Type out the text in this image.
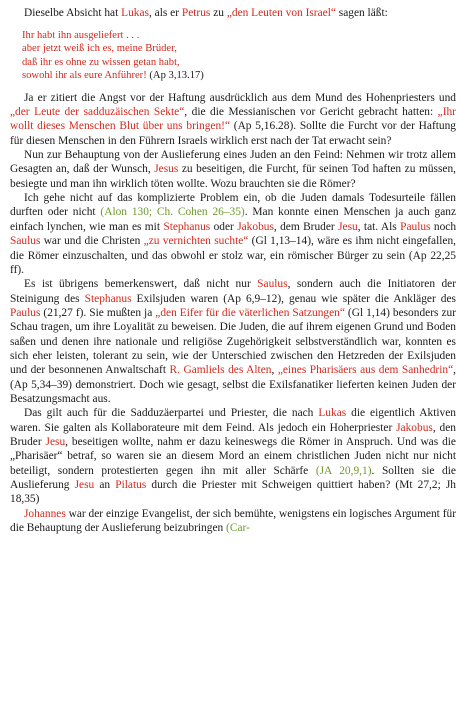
Dieselbe Absicht hat Lukas, als er Petrus zu „den Leuten von Israel“ sagen läßt:

Ihr habt ihn ausgeliefert . . .
aber jetzt weiß ich es, meine Brüder,
daß ihr es ohne zu wissen getan habt,
sowohl ihr als eure Anführer! (Ap 3,13.17)

Ja er zitiert die Angst vor der Haftung ausdrücklich aus dem Mund des Hohenpriesters und „der Leute der sadduzäischen Sekte“, die die Messianischen vor Gericht gebracht hatten: „Ihr wollt dieses Menschen Blut über uns bringen!“ (Ap 5,16.28). Sollte die Furcht vor der Haftung für diesen Menschen in den Führern Israels wirklich erst nach der Tat erwacht sein?

Nun zur Behauptung von der Auslieferung eines Juden an den Feind: Nehmen wir trotz allem Gesagten an, daß der Wunsch, Jesus zu beseitigen, die Furcht, für seinen Tod haften zu müssen, besiegte und man ihn wirklich töten wollte. Wozu brauchten sie die Römer?

Ich gehe nicht auf das komplizierte Problem ein, ob die Juden damals Todesurteile fällen durften oder nicht (Alon 130; Ch. Cohen 26–35). Man konnte einen Menschen ja auch ganz einfach lynchen, wie man es mit Stephanus oder Jakobus, dem Bruder Jesu, tat. Als Paulus noch Saulus war und die Christen „zu vernichten suchte“ (Gl 1,13–14), wäre es ihm nicht eingefallen, die Römer einzuschalten, und das obwohl er stolz war, ein römischer Bürger zu sein (Ap 22,25 ff).

Es ist übrigens bemerkenswert, daß nicht nur Saulus, sondern auch die Initiatoren der Steinigung des Stephanus Exilsjuden waren (Ap 6,9–12), genau wie später die Ankläger des Paulus (21,27 f). Sie mußten ja „den Eifer für die väterlichen Satzungen“ (Gl 1,14) besonders zur Schau tragen, um ihre Loyalität zu beweisen. Die Juden, die auf ihrem eigenen Grund und Boden saßen und denen ihre nationale und religiöse Zugehörigkeit selbstverständlich war, konnten es sich eher leisten, tolerant zu sein, wie der Unterschied zwischen den Hetzreden der Exilsjuden und der besonnenen Anwaltschaft R. Gamliels des Alten, „eines Pharisäers aus dem Sanhedrin“, (Ap 5,34–39) demonstriert. Doch wie gesagt, selbst die Exilsfanatiker lieferten keinen Juden der Besatzungsmacht aus.

Das gilt auch für die Sadduzäerpartei und Priester, die nach Lukas die eigentlich Aktiven waren. Sie galten als Kollaborateure mit dem Feind. Als jedoch ein Hoherpriester Jakobus, den Bruder Jesu, beseitigen wollte, nahm er dazu keineswegs die Römer in Anspruch. Und was die „Pharisäer“ betraf, so waren sie an diesem Mord an einem christlichen Juden nicht nur nicht beteiligt, sondern protestierten gegen ihn mit aller Schärfe (JA 20,9,1). Sollten sie die Auslieferung Jesu an Pilatus durch die Priester mit Schweigen quittiert haben? (Mt 27,2; Jh 18,35)

Johannes war der einzige Evangelist, der sich bemühte, wenigstens ein logisches Argument für die Behauptung der Auslieferung beizubringen (Car-
